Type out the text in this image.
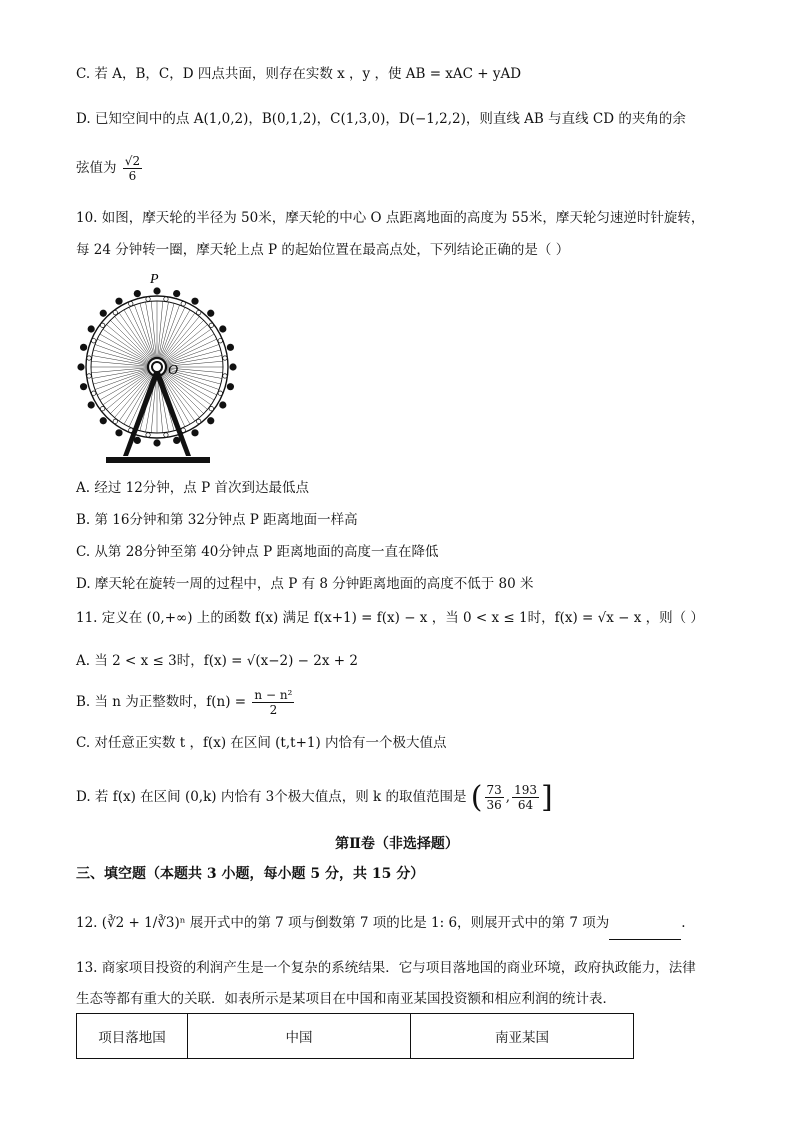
C. 若 A，B，C，D 四点共面，则存在实数 x ，y ，使 AB = xAC + yAD
D. 已知空间中的点 A(1,0,2)，B(0,1,2)，C(1,3,0)，D(−1,2,2)，则直线 AB 与直线 CD 的夹角的余
弦值为 $\frac{√2}{6}$
10. 如图，摩天轮的半径为 50米，摩天轮的中心 O 点距离地面的高度为 55米，摩天轮匀速逆时针旋转，
每 24 分钟转一圈，摩天轮上点 P 的起始位置在最高点处，下列结论正确的是（ ）
P
O
A. 经过 12分钟，点 P 首次到达最低点
B. 第 16分钟和第 32分钟点 P 距离地面一样高
C. 从第 28分钟至第 40分钟点 P 距离地面的高度一直在降低
D. 摩天轮在旋转一周的过程中，点 P 有 8 分钟距离地面的高度不低于 80 米
11. 定义在 (0,+∞) 上的函数 f(x) 满足 f(x+1) = f(x) − x ，当 0 < x ≤ 1时，f(x) = √x − x ，则（ ）
A. 当 2 < x ≤ 3时，f(x) = √(x−2) − 2x + 2
B. 当 n 为正整数时，$f(n) = \frac{\text{n − n²}}{2}$
C. 对任意正实数 t ，f(x) 在区间 (t,t+1) 内恰有一个极大值点
D. 若 f(x) 在区间 (0,k) 内恰有 3个极大值点，则 k 的取值范围是 ( $\frac{73}{36}$ , $\frac{193}{64}$ ]
第Ⅱ卷（非选择题）
三、填空题（本题共 3 小题，每小题 5 分，共 15 分）
12. (∛2 + 1/∛3)ⁿ 展开式中的第 7 项与倒数第 7 项的比是 1: 6，则展开式中的第 7 项为	.
13. 商家项目投资的利润产生是一个复杂的系统结果．它与项目落地国的商业环境，政府执政能力，法律
生态等都有重大的关联．如表所示是某项目在中国和南亚某国投资额和相应利润的统计表．
项目落地国	中国	南亚某国
